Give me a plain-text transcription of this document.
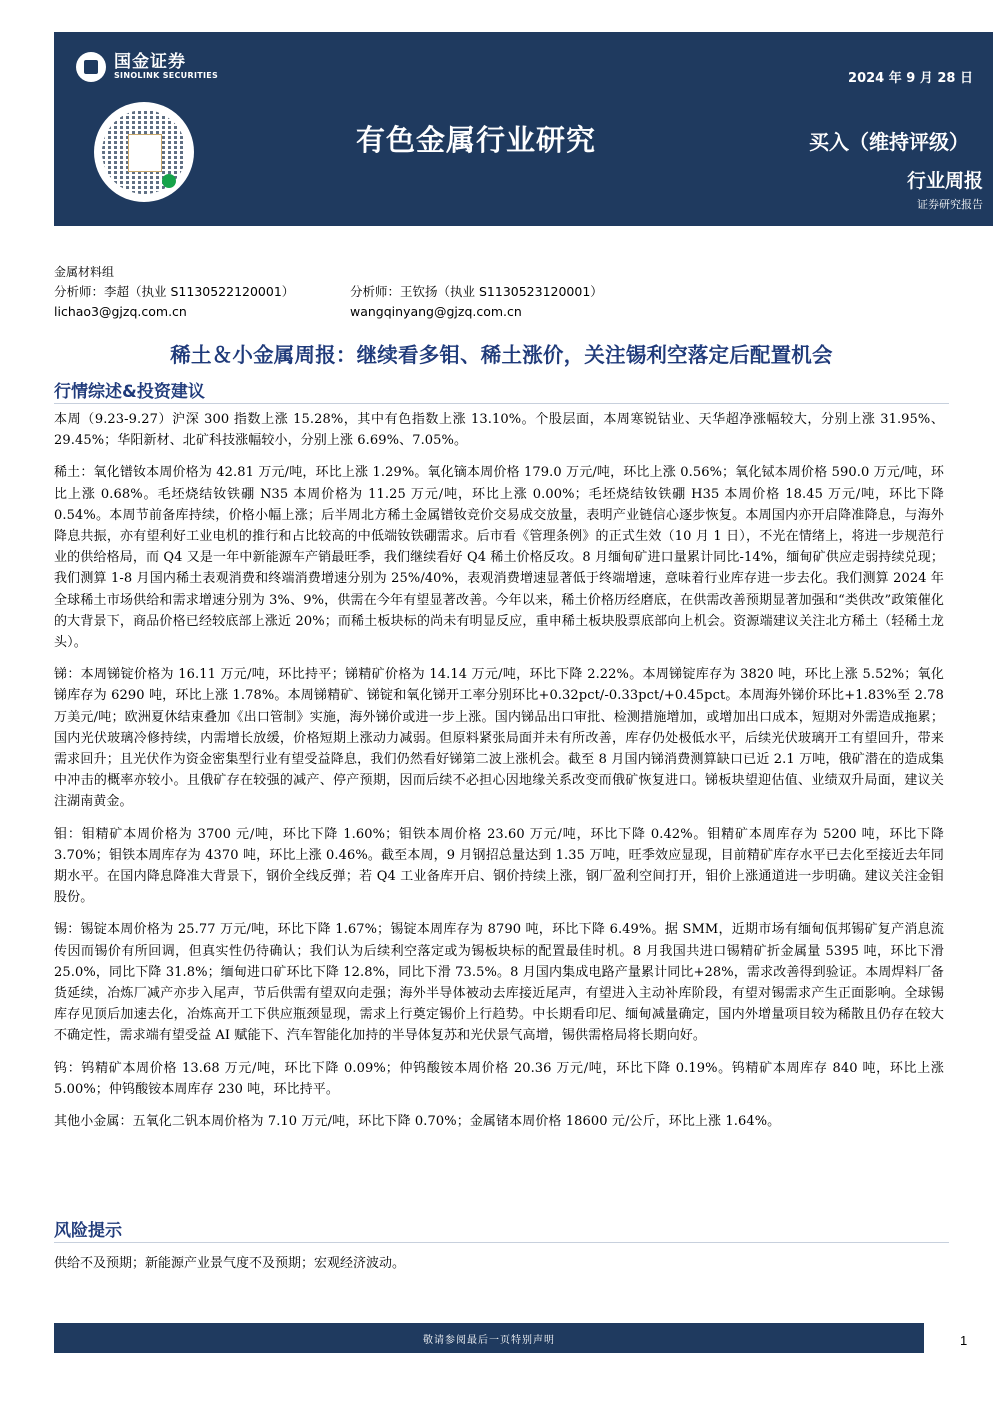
国金证券
SINOLINK SECURITIES	2024 年 9 月 28 日
有色金属行业研究	买入（维持评级）
行业周报
证券研究报告
金属材料组
分析师：李超（执业 S1130522120001）	分析师：王钦扬（执业 S1130523120001）
lichao3@gjzq.com.cn	wangqinyang@gjzq.com.cn
稀土＆小金属周报：继续看多钼、稀土涨价，关注锡利空落定后配置机会
行情综述&投资建议

本周（9.23-9.27）沪深 300 指数上涨 15.28%，其中有色指数上涨 13.10%。个股层面，本周寒锐钴业、天华超净涨幅较大，分别上涨 31.95%、29.45%；华阳新材、北矿科技涨幅较小，分别上涨 6.69%、7.05%。

稀土：氧化镨钕本周价格为 42.81 万元/吨，环比上涨 1.29%。氧化镝本周价格 179.0 万元/吨，环比上涨 0.56%；氧化铽本周价格 590.0 万元/吨，环比上涨 0.68%。毛坯烧结钕铁硼 N35 本周价格为 11.25 万元/吨，环比上涨 0.00%；毛坯烧结钕铁硼 H35 本周价格 18.45 万元/吨，环比下降 0.54%。本周节前备库持续，价格小幅上涨；后半周北方稀土金属镨钕竞价交易成交放量，表明产业链信心逐步恢复。本周国内亦开启降准降息，与海外降息共振，亦有望利好工业电机的推行和占比较高的中低端钕铁硼需求。后市看《管理条例》的正式生效（10 月 1 日），不光在情绪上，将进一步规范行业的供给格局，而 Q4 又是一年中新能源车产销最旺季，我们继续看好 Q4 稀土价格反攻。8 月缅甸矿进口量累计同比-14%，缅甸矿供应走弱持续兑现；我们测算 1-8 月国内稀土表观消费和终端消费增速分别为 25%/40%，表观消费增速显著低于终端增速，意味着行业库存进一步去化。我们测算 2024 年全球稀土市场供给和需求增速分别为 3%、9%，供需在今年有望显著改善。今年以来，稀土价格历经磨底，在供需改善预期显著加强和“类供改”政策催化的大背景下，商品价格已经较底部上涨近 20%；而稀土板块标的尚未有明显反应，重申稀土板块股票底部向上机会。资源端建议关注北方稀土（轻稀土龙头）。

锑：本周锑锭价格为 16.11 万元/吨，环比持平；锑精矿价格为 14.14 万元/吨，环比下降 2.22%。本周锑锭库存为 3820 吨，环比上涨 5.52%；氧化锑库存为 6290 吨，环比上涨 1.78%。本周锑精矿、锑锭和氧化锑开工率分别环比+0.32pct/-0.33pct/+0.45pct。本周海外锑价环比+1.83%至 2.78 万美元/吨；欧洲夏休结束叠加《出口管制》实施，海外锑价或进一步上涨。国内锑品出口审批、检测措施增加，或增加出口成本，短期对外需造成拖累；国内光伏玻璃冷修持续，内需增长放缓，价格短期上涨动力减弱。但原料紧张局面并未有所改善，库存仍处极低水平，后续光伏玻璃开工有望回升，带来需求回升；且光伏作为资金密集型行业有望受益降息，我们仍然看好锑第二波上涨机会。截至 8 月国内锑消费测算缺口已近 2.1 万吨，俄矿潜在的造成集中冲击的概率亦较小。且俄矿存在较强的减产、停产预期，因而后续不必担心因地缘关系改变而俄矿恢复进口。锑板块望迎估值、业绩双升局面，建议关注湖南黄金。

钼：钼精矿本周价格为 3700 元/吨，环比下降 1.60%；钼铁本周价格 23.60 万元/吨，环比下降 0.42%。钼精矿本周库存为 5200 吨，环比下降 3.70%；钼铁本周库存为 4370 吨，环比上涨 0.46%。截至本周，9 月钢招总量达到 1.35 万吨，旺季效应显现，目前精矿库存水平已去化至接近去年同期水平。在国内降息降准大背景下，钢价全线反弹；若 Q4 工业备库开启、钢价持续上涨，钢厂盈利空间打开，钼价上涨通道进一步明确。建议关注金钼股份。

锡：锡锭本周价格为 25.77 万元/吨，环比下降 1.67%；锡锭本周库存为 8790 吨，环比下降 6.49%。据 SMM，近期市场有缅甸佤邦锡矿复产消息流传因而锡价有所回调，但真实性仍待确认；我们认为后续利空落定或为锡板块标的配置最佳时机。8 月我国共进口锡精矿折金属量 5395 吨，环比下滑 25.0%，同比下降 31.8%；缅甸进口矿环比下降 12.8%，同比下滑 73.5%。8 月国内集成电路产量累计同比+28%，需求改善得到验证。本周焊料厂备货延续，冶炼厂减产亦步入尾声，节后供需有望双向走强；海外半导体被动去库接近尾声，有望进入主动补库阶段，有望对锡需求产生正面影响。全球锡库存见顶后加速去化，冶炼高开工下供应瓶颈显现，需求上行奠定锡价上行趋势。中长期看印尼、缅甸减量确定，国内外增量项目较为稀散且仍存在较大不确定性，需求端有望受益 AI 赋能下、汽车智能化加持的半导体复苏和光伏景气高增，锡供需格局将长期向好。

钨：钨精矿本周价格 13.68 万元/吨，环比下降 0.09%；仲钨酸铵本周价格 20.36 万元/吨，环比下降 0.19%。钨精矿本周库存 840 吨，环比上涨 5.00%；仲钨酸铵本周库存 230 吨，环比持平。

其他小金属：五氧化二钒本周价格为 7.10 万元/吨，环比下降 0.70%；金属锗本周价格 18600 元/公斤，环比上涨 1.64%。

风险提示
供给不及预期；新能源产业景气度不及预期；宏观经济波动。
敬请参阅最后一页特别声明	1
